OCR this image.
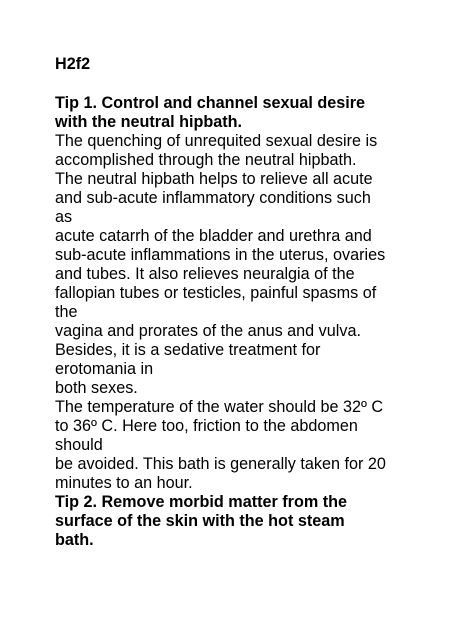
H2f2

Tip 1. Control and channel sexual desire

with the neutral hipbath.

The quenching of unrequited sexual desire is

accomplished through the neutral hipbath.

The neutral hipbath helps to relieve all acute

and sub-acute inflammatory conditions such

as

acute catarrh of the bladder and urethra and

sub-acute inflammations in the uterus, ovaries

and tubes. It also relieves neuralgia of the

fallopian tubes or testicles, painful spasms of

the

vagina and prorates of the anus and vulva.

Besides, it is a sedative treatment for

erotomania in

both sexes.

The temperature of the water should be 32º C

to 36º C. Here too, friction to the abdomen

should

be avoided. This bath is generally taken for 20

minutes to an hour.

Tip 2. Remove morbid matter from the

surface of the skin with the hot steam

bath.
